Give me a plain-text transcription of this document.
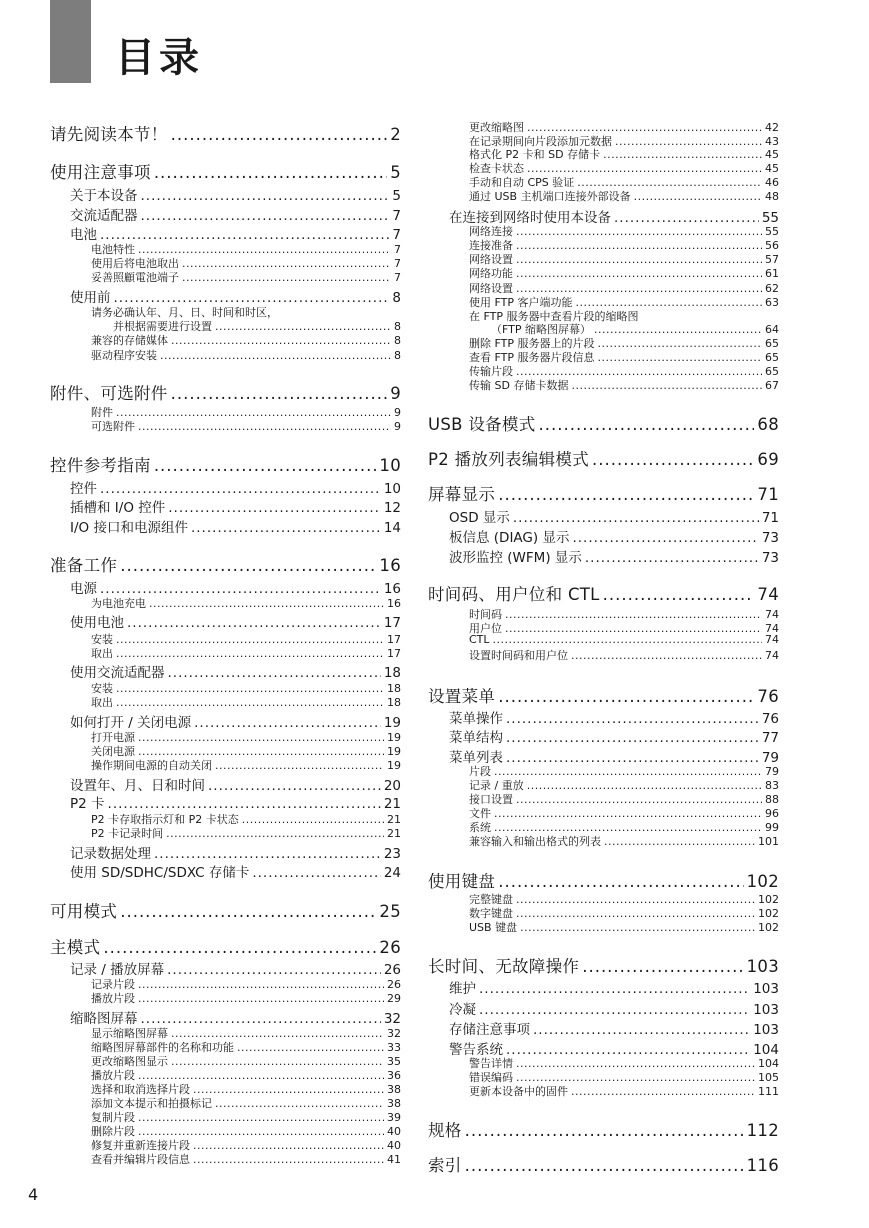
目录
请先阅读本节！ .....	2
使用注意事项 .....	5
关于本设备 .....	5
交流适配器 .....	7
电池 .....	7
电池特性 .....	7
使用后将电池取出 .....	7
妥善照顧電池端子 .....	7
使用前 .....	8
请务必确认年、月、日、时间和时区，
并根据需要进行设置 .....	8
兼容的存储媒体 .....	8
驱动程序安装 .....	8
附件、可选附件 .....	9
附件 .....	9
可选附件 .....	9
控件参考指南 .....	10
控件 .....	10
插槽和 I/O 控件 .....	12
I/O 接口和电源组件 .....	14
准备工作 .....	16
电源 .....	16
为电池充电 .....	16
使用电池 .....	17
安装 .....	17
取出 .....	17
使用交流适配器 .....	18
安装 .....	18
取出 .....	18
如何打开 / 关闭电源 .....	19
打开电源 .....	19
关闭电源 .....	19
操作期间电源的自动关闭 .....	19
设置年、月、日和时间 .....	20
P2 卡 .....	21
P2 卡存取指示灯和 P2 卡状态 .....	21
P2 卡记录时间 .....	21
记录数据处理 .....	23
使用 SD/SDHC/SDXC 存储卡 .....	24
可用模式 .....	25
主模式 .....	26
记录 / 播放屏幕 .....	26
记录片段 .....	26
播放片段 .....	29
缩略图屏幕 .....	32
显示缩略图屏幕 .....	32
缩略图屏幕部件的名称和功能 .....	33
更改缩略图显示 .....	35
播放片段 .....	36
选择和取消选择片段 .....	38
添加文本提示和拍摄标记 .....	38
复制片段 .....	39
删除片段 .....	40
修复并重新连接片段 .....	40
查看并编辑片段信息 .....	41
更改缩略图 .....	42
在记录期间向片段添加元数据 .....	43
格式化 P2 卡和 SD 存储卡 .....	45
检查卡状态 .....	45
手动和自动 CPS 验证 .....	46
通过 USB 主机端口连接外部设备 .....	48
在连接到网络时使用本设备 .....	55
网络连接 .....	55
连接准备 .....	56
网络设置 .....	57
网络功能 .....	61
网络设置 .....	62
使用 FTP 客户端功能 .....	63
在 FTP 服务器中查看片段的缩略图
（FTP 缩略图屏幕） .....	64
删除 FTP 服务器上的片段 .....	65
查看 FTP 服务器片段信息 .....	65
传输片段 .....	65
传输 SD 存储卡数据 .....	67
USB 设备模式 .....	68
P2 播放列表编辑模式 .....	69
屏幕显示 .....	71
OSD 显示 .....	71
板信息 (DIAG) 显示 .....	73
波形监控 (WFM) 显示 .....	73
时间码、用户位和 CTL .....	74
时间码 .....	74
用户位 .....	74
CTL .....	74
设置时间码和用户位 .....	74
设置菜单 .....	76
菜单操作 .....	76
菜单结构 .....	77
菜单列表 .....	79
片段 .....	79
记录 / 重放 .....	83
接口设置 .....	88
文件 .....	96
系统 .....	99
兼容输入和输出格式的列表 .....	101
使用键盘 .....	102
完整键盘 .....	102
数字键盘 .....	102
USB 键盘 .....	102
长时间、无故障操作 .....	103
维护 .....	103
冷凝 .....	103
存储注意事项 .....	103
警告系统 .....	104
警告详情 .....	104
错误编码 .....	105
更新本设备中的固件 .....	111
规格 .....	112
索引 .....	116
4
